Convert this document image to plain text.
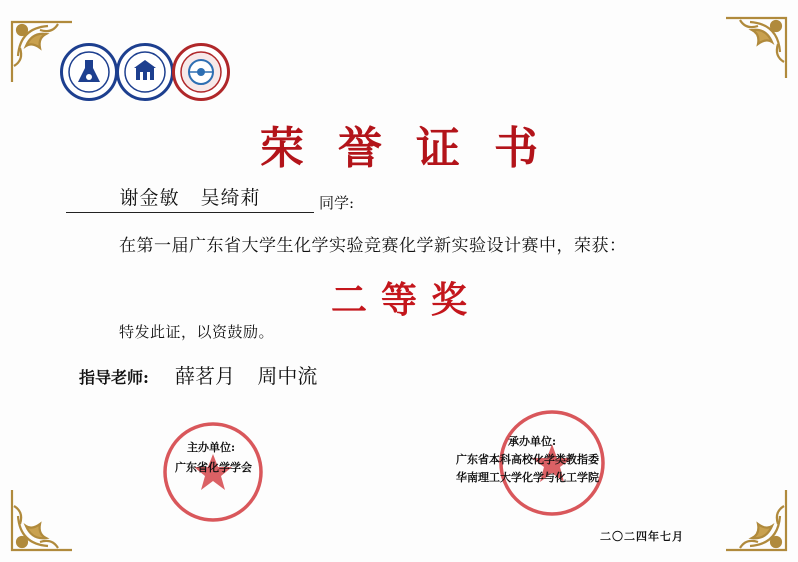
荣誉证书
谢金敏 吴绮莉	同学:
在第一届广东省大学生化学实验竞赛化学新实验设计赛中，荣获：
二等奖
特发此证，以资鼓励。
指导老师: 薛茗月 周中流
主办单位:
广东省化学学会
承办单位:
广东省本科高校化学类教指委
华南理工大学化学与化工学院
二〇二四年七月
